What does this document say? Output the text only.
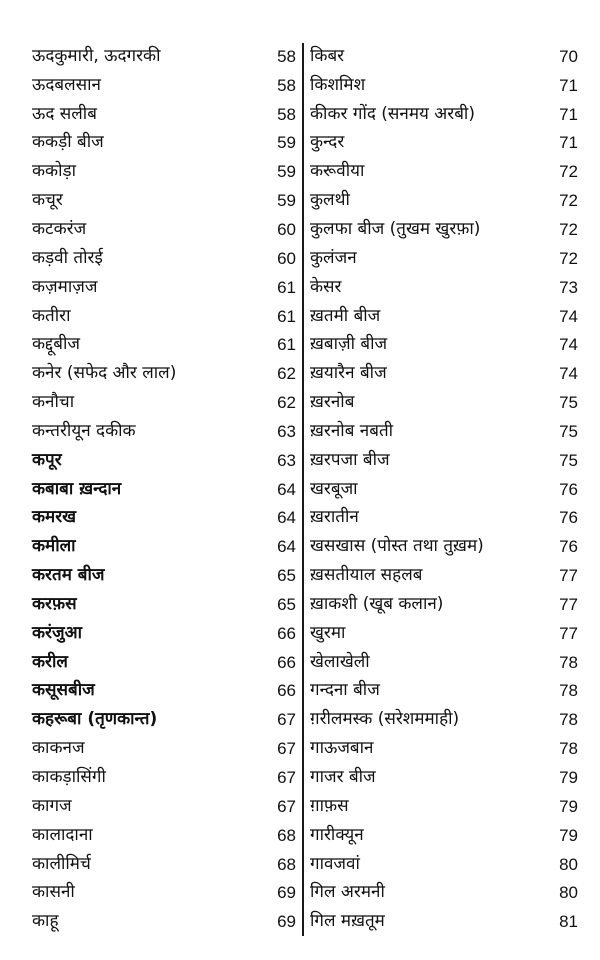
ऊदकुमारी, ऊदगरकी	58
ऊदबलसान	58
ऊद सलीब	58
ककड़ी बीज	59
ककोड़ा	59
कचूर	59
कटकरंज	60
कड़वी तोरई	60
कज़माज़ज	61
कतीरा	61
कद्दूबीज	61
कनेर (सफेद और लाल)	62
कनौचा	62
कन्तरीयून दकीक	63
कपूर	63
कबाबा ख़न्दान	64
कमरख	64
कमीला	64
करतम बीज	65
करफ़स	65
करंजुआ	66
करील	66
कसूसबीज	66
कहरूबा (तृणकान्त)	67
काकनज	67
काकड़ासिंगी	67
कागज	67
कालादाना	68
कालीमिर्च	68
कासनी	69
काहू	69
किबर	70
किशमिश	71
कीकर गोंद (सनमय अरबी)	71
कुन्दर	71
करूवीया	72
कुलथी	72
कुलफा बीज (तुखम खुरफ़ा)	72
कुलंजन	72
केसर	73
ख़तमी बीज	74
ख़बाज़ी बीज	74
ख़यारैन बीज	74
ख़रनोब	75
ख़रनोब नबती	75
ख़रपजा बीज	75
खरबूजा	76
ख़रातीन	76
खसखास (पोस्त तथा तुख़म)	76
ख़सतीयाल सहलब	77
ख़ाकशी (खूब कलान)	77
खुरमा	77
खेलाखेली	78
गन्दना बीज	78
ग़रीलमस्क (सरेशममाही)	78
गाऊजबान	78
गाजर बीज	79
ग़ाफ़स	79
गारीक्यून	79
गावजवां	80
गिल अरमनी	80
गिल मख़तूम	81
